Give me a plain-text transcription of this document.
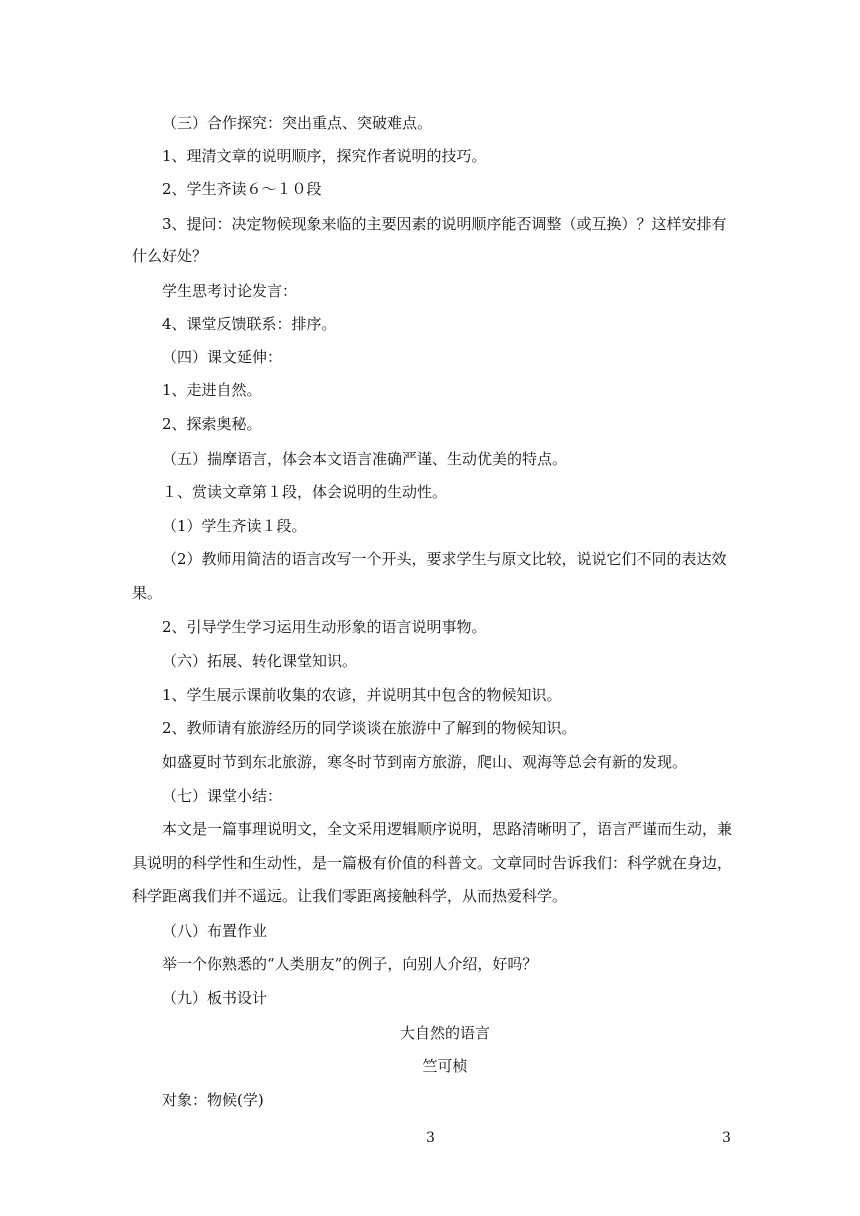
（三）合作探究：突出重点、突破难点。
1、理清文章的说明顺序，探究作者说明的技巧。
2、学生齐读６～１０段
3、提问：决定物候现象来临的主要因素的说明顺序能否调整（或互换）？这样安排有
什么好处？
学生思考讨论发言：
4、课堂反馈联系：排序。
（四）课文延伸：
1、走进自然。
2、探索奥秘。
（五）揣摩语言，体会本文语言准确严谨、生动优美的特点。
１、赏读文章第１段，体会说明的生动性。
（1）学生齐读１段。
（2）教师用简洁的语言改写一个开头，要求学生与原文比较，说说它们不同的表达效
果。
2、引导学生学习运用生动形象的语言说明事物。
（六）拓展、转化课堂知识。
1、学生展示课前收集的农谚，并说明其中包含的物候知识。
2、教师请有旅游经历的同学谈谈在旅游中了解到的物候知识。
如盛夏时节到东北旅游，寒冬时节到南方旅游，爬山、观海等总会有新的发现。
（七）课堂小结：
本文是一篇事理说明文，全文采用逻辑顺序说明，思路清晰明了，语言严谨而生动，兼
具说明的科学性和生动性，是一篇极有价值的科普文。文章同时告诉我们：科学就在身边，
科学距离我们并不遥远。让我们零距离接触科学，从而热爱科学。
（八）布置作业
举一个你熟悉的“人类朋友”的例子，向别人介绍，好吗？
（九）板书设计
大自然的语言
竺可桢
对象：物候(学)
3	3
